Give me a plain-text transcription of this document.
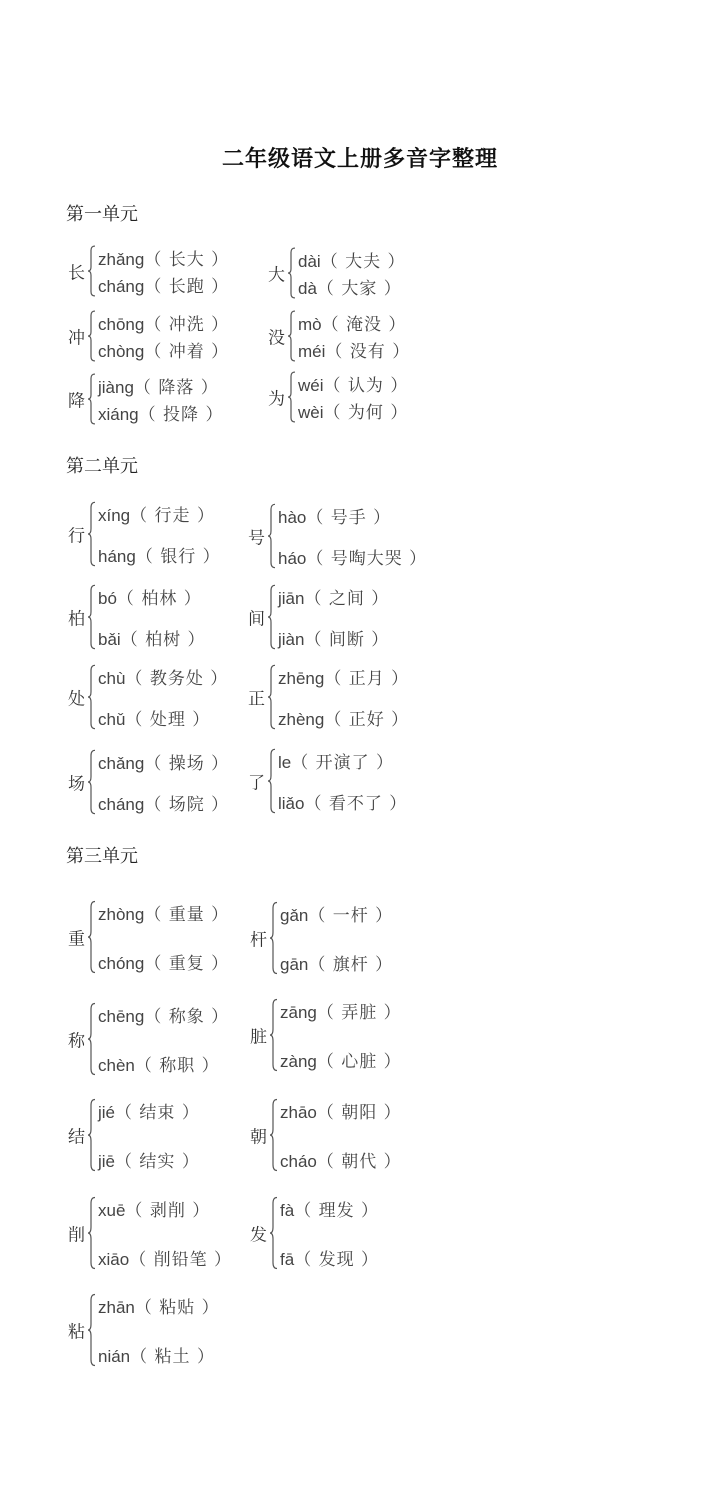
二年级语文上册多音字整理
第一单元
第二单元
第三单元
长
zhǎng（ 长大 ）
cháng（ 长跑 ）
大
dài（ 大夫 ）
dà（ 大家 ）
冲
chōng（ 冲洗 ）
chòng（ 冲着 ）
没
mò（ 淹没 ）
méi（ 没有 ）
降
jiàng（ 降落 ）
xiáng（ 投降 ）
为
wéi（ 认为 ）
wèi（ 为何 ）
行
xíng（ 行走 ）
háng（ 银行 ）
号
hào（ 号手 ）
háo（ 号啕大哭 ）
柏
bó（ 柏林 ）
bǎi（ 柏树 ）
间
jiān（ 之间 ）
jiàn（ 间断 ）
处
chù（ 教务处 ）
chǔ（ 处理 ）
正
zhēng（ 正月 ）
zhèng（ 正好 ）
场
chǎng（ 操场 ）
cháng（ 场院 ）
了
le（ 开演了 ）
liǎo（ 看不了 ）
重
zhòng（ 重量 ）
chóng（ 重复 ）
杆
gǎn（ 一杆 ）
gān（ 旗杆 ）
称
chēng（ 称象 ）
chèn（ 称职 ）
脏
zāng（ 弄脏 ）
zàng（ 心脏 ）
结
jié（ 结束 ）
jiē（ 结实 ）
朝
zhāo（ 朝阳 ）
cháo（ 朝代 ）
削
xuē（ 剥削 ）
xiāo（ 削铅笔 ）
发
fà（ 理发 ）
fā（ 发现 ）
粘
zhān（ 粘贴 ）
nián（ 粘土 ）
